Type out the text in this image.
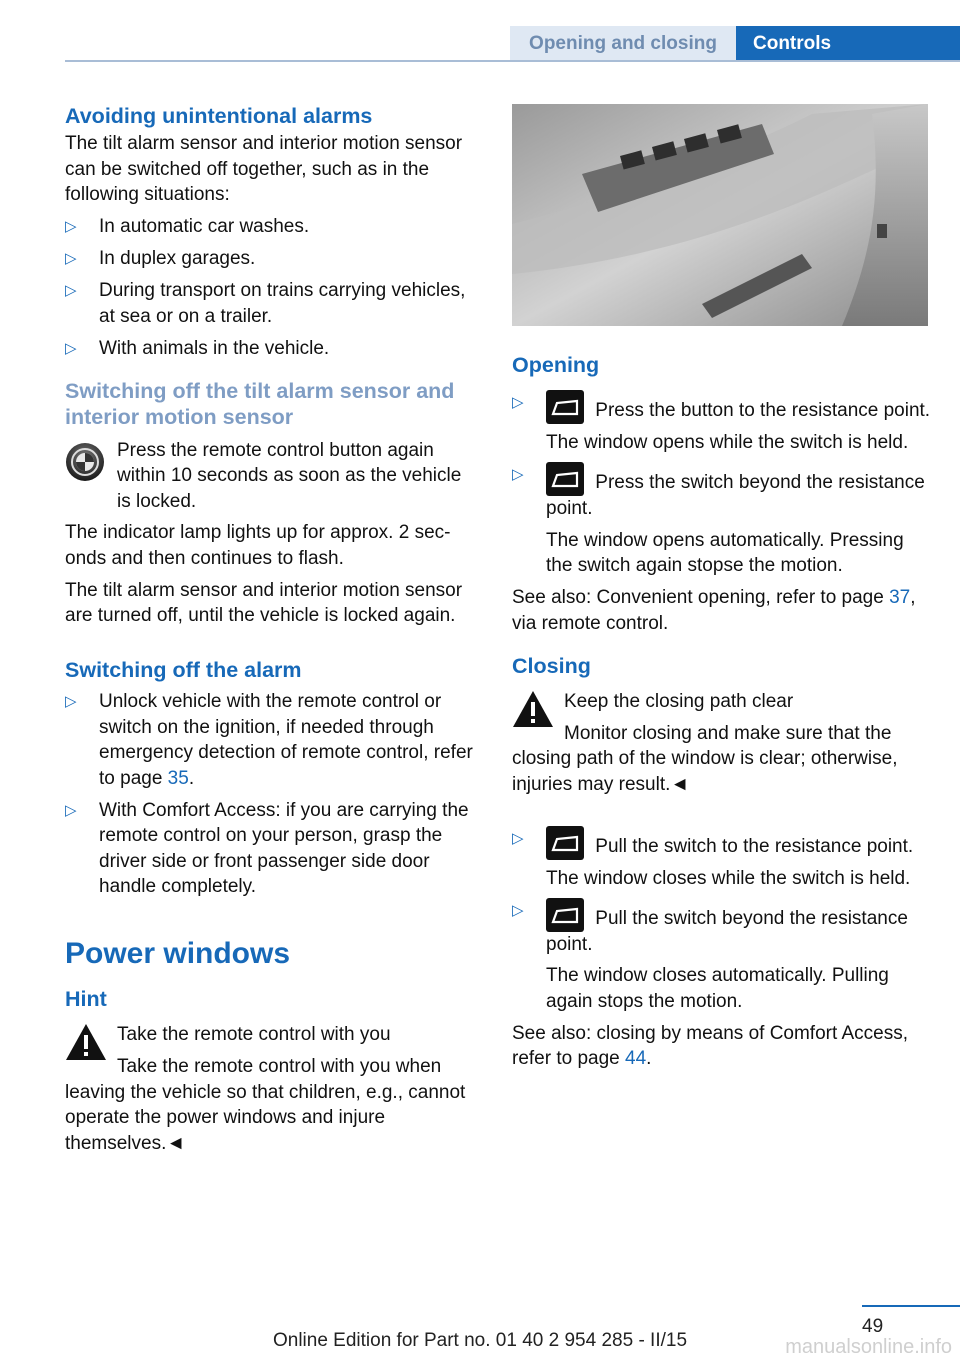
Opening and closing	Controls
Avoiding unintentional alarms

The tilt alarm sensor and interior motion sensor can be switched off together, such as in the following situations:

▷ In automatic car washes.
▷ In duplex garages.
▷ During transport on trains carrying vehicles, at sea or on a trailer.
▷ With animals in the vehicle.
Switching off the tilt alarm sensor and interior motion sensor
Press the remote control button again within 10 seconds as soon as the vehicle is locked.

The indicator lamp lights up for approx. 2 seconds and then continues to flash.

The tilt alarm sensor and interior motion sensor are turned off, until the vehicle is locked again.

Switching off the alarm
▷ Unlock vehicle with the remote control or switch on the ignition, if needed through emergency detection of remote control, refer to page 35.
▷ With Comfort Access: if you are carrying the remote control on your person, grasp the driver side or front passenger side door handle completely.
Power windows
Hint

Take the remote control with you

Take the remote control with you when leaving the vehicle so that children, e.g., cannot operate the power windows and injure themselves.◄

Opening
▷	Press the button to the resistance point.
The window opens while the switch is held.
▷	Press the switch beyond the resistance point.
The window opens automatically. Pressing the switch again stopse the motion.

See also: Convenient opening, refer to page 37, via remote control.

Closing

Keep the closing path clear

Monitor closing and make sure that the closing path of the window is clear; otherwise, injuries may result.◄

▷	Pull the switch to the resistance point.
The window closes while the switch is held.
▷	Pull the switch beyond the resistance point.
The window closes automatically. Pulling again stops the motion.

See also: closing by means of Comfort Access, refer to page 44.

49
Online Edition for Part no. 01 40 2 954 285 - II/15	manualsonline.info
